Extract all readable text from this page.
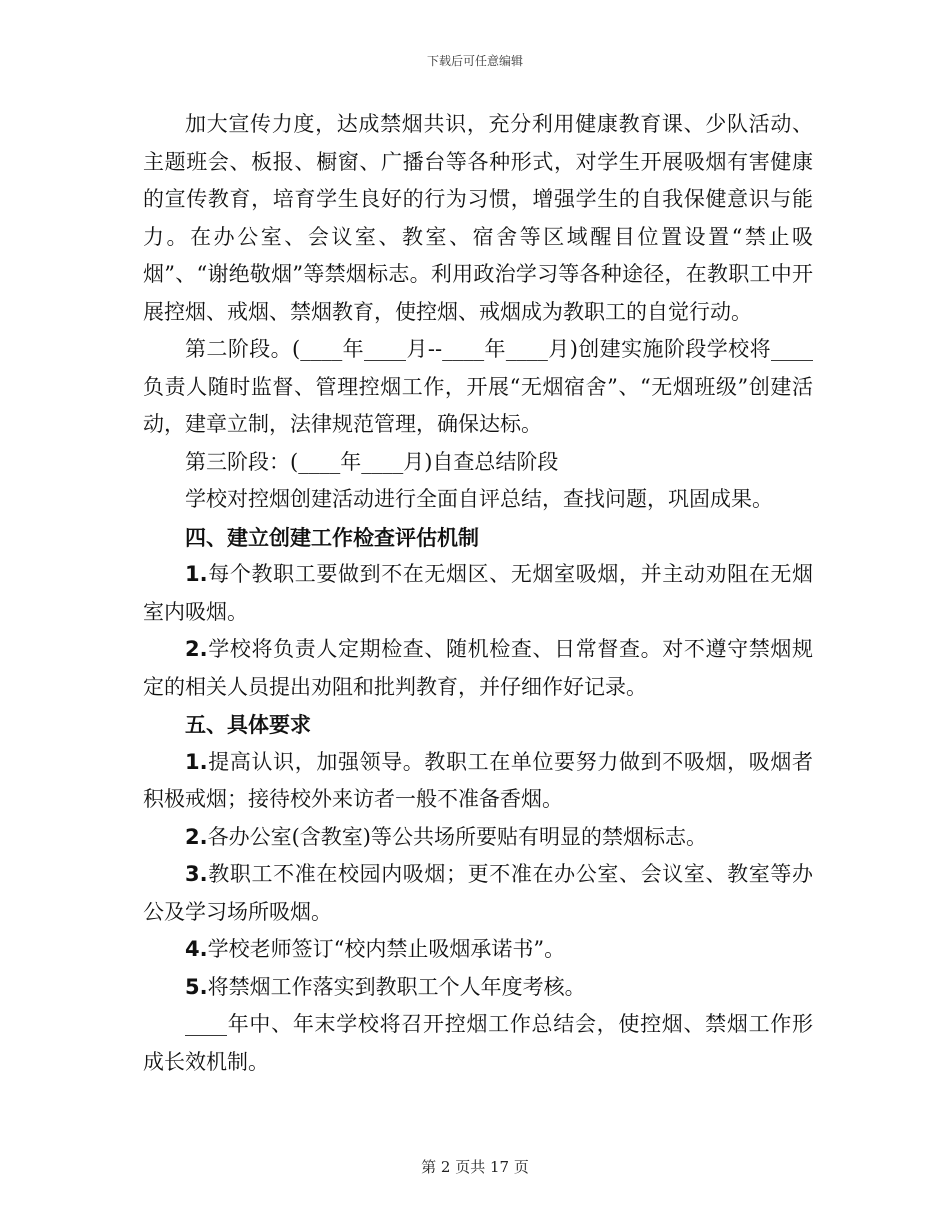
下载后可任意编辑

加大宣传力度，达成禁烟共识，充分利用健康教育课、少队活动、主题班会、板报、橱窗、广播台等各种形式，对学生开展吸烟有害健康的宣传教育，培育学生良好的行为习惯，增强学生的自我保健意识与能力。在办公室、会议室、教室、宿舍等区域醒目位置设置“禁止吸烟”、“谢绝敬烟”等禁烟标志。利用政治学习等各种途径，在教职工中开展控烟、戒烟、禁烟教育，使控烟、戒烟成为教职工的自觉行动。

第二阶段。(____年____月--____年____月)创建实施阶段学校将____负责人随时监督、管理控烟工作，开展“无烟宿舍”、“无烟班级”创建活动，建章立制，法律规范管理，确保达标。

第三阶段：(____年____月)自查总结阶段

学校对控烟创建活动进行全面自评总结，查找问题，巩固成果。

四、建立创建工作检查评估机制

1.每个教职工要做到不在无烟区、无烟室吸烟，并主动劝阻在无烟室内吸烟。

2.学校将负责人定期检查、随机检查、日常督查。对不遵守禁烟规定的相关人员提出劝阻和批判教育，并仔细作好记录。

五、具体要求

1.提高认识，加强领导。教职工在单位要努力做到不吸烟，吸烟者积极戒烟；接待校外来访者一般不准备香烟。

2.各办公室(含教室)等公共场所要贴有明显的禁烟标志。

3.教职工不准在校园内吸烟；更不准在办公室、会议室、教室等办公及学习场所吸烟。

4.学校老师签订“校内禁止吸烟承诺书”。

5.将禁烟工作落实到教职工个人年度考核。

____年中、年末学校将召开控烟工作总结会，使控烟、禁烟工作形成长效机制。

第 2 页共 17 页
